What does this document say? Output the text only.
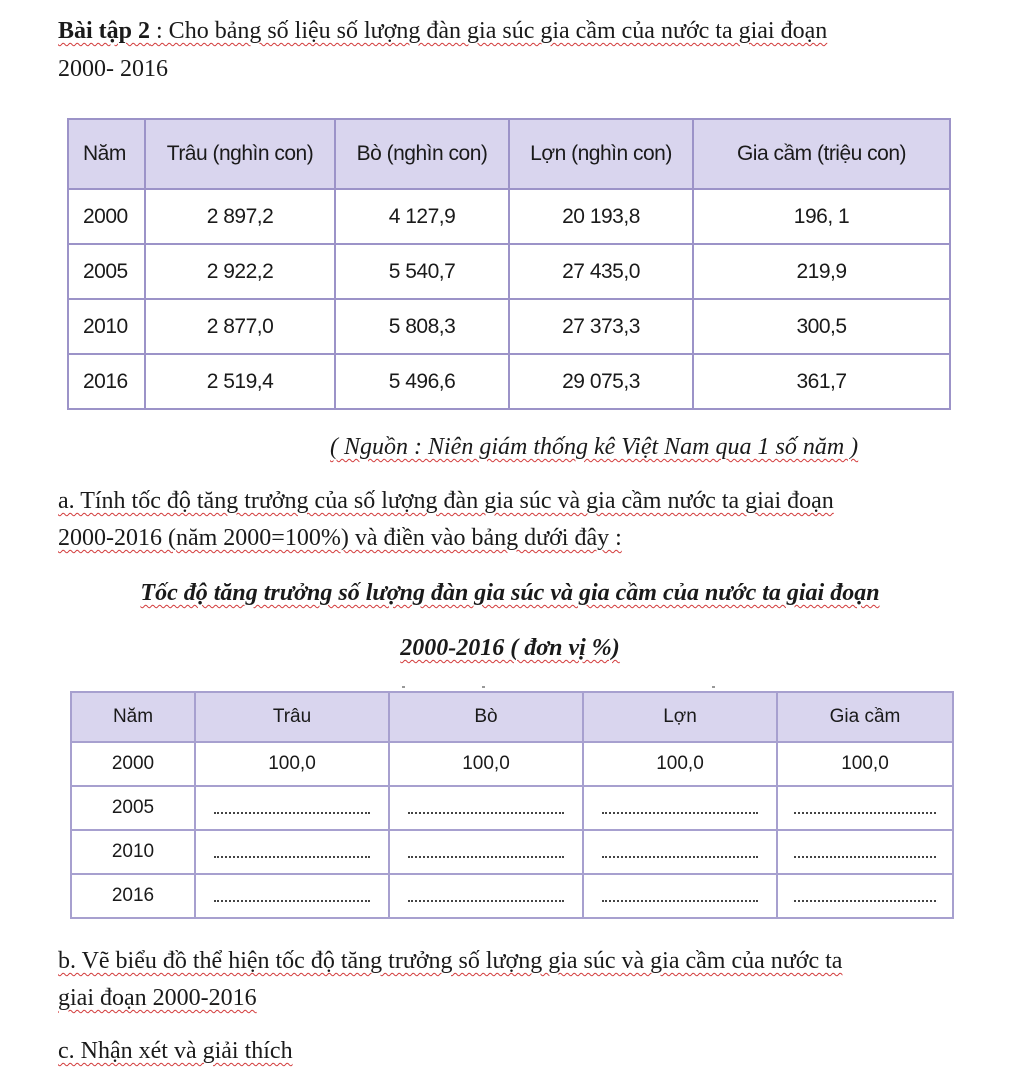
Bài tập 2 : Cho bảng số liệu số lượng đàn gia súc gia cầm của nước ta giai đoạn
2000- 2016
Năm	Trâu (nghìn con)	Bò (nghìn con)	Lợn (nghìn con)	Gia cầm (triệu con)
2000	2 897,2	4 127,9	20 193,8	196, 1
2005	2 922,2	5 540,7	27 435,0	219,9
2010	2 877,0	5 808,3	27 373,3	300,5
2016	2 519,4	5 496,6	29 075,3	361,7
( Nguồn : Niên giám thống kê Việt Nam qua 1 số năm )
a. Tính tốc độ tăng trưởng của số lượng đàn gia súc và gia cầm nước ta giai đoạn
2000-2016 (năm 2000=100%) và điền vào bảng dưới đây :
Tốc độ tăng trưởng số lượng đàn gia súc và gia cầm của nước ta giai đoạn
2000-2016 ( đơn vị %)
Năm	Trâu	Bò	Lợn	Gia cầm
2000	100,0	100,0	100,0	100,0
2005				
2010				
2016				
b. Vẽ biểu đồ thể hiện tốc độ tăng trưởng số lượng gia súc và gia cầm của nước ta
giai đoạn 2000-2016
c. Nhận xét và giải thích
